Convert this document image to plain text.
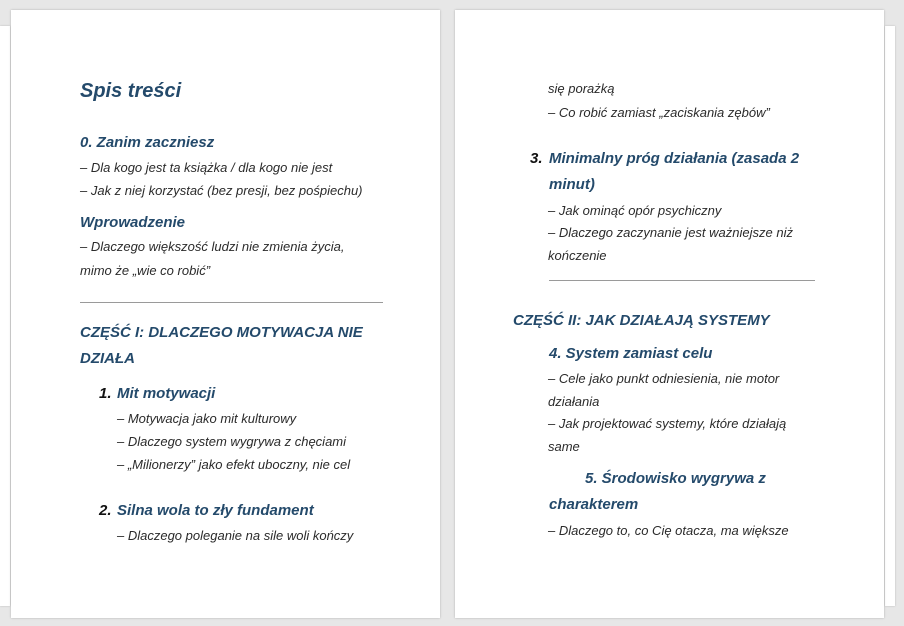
Spis treści
0. Zanim zaczniesz
– Dla kogo jest ta książka / dla kogo nie jest
– Jak z niej korzystać (bez presji, bez pośpiechu)
Wprowadzenie
– Dlaczego większość ludzi nie zmienia życia,
mimo że „wie co robić”
CZĘŚĆ I: DLACZEGO MOTYWACJA NIE
DZIAŁA
1. Mit motywacji
– Motywacja jako mit kulturowy
– Dlaczego system wygrywa z chęciami
– „Milionerzy” jako efekt uboczny, nie cel
2. Silna wola to zły fundament
– Dlaczego poleganie na sile woli kończy
się porażką
– Co robić zamiast „zaciskania zębów”
3. Minimalny próg działania (zasada 2
minut)
– Jak ominąć opór psychiczny
– Dlaczego zaczynanie jest ważniejsze niż
kończenie
CZĘŚĆ II: JAK DZIAŁAJĄ SYSTEMY
4. System zamiast celu
– Cele jako punkt odniesienia, nie motor
działania
– Jak projektować systemy, które działają
same
5. Środowisko wygrywa z
charakterem
– Dlaczego to, co Cię otacza, ma większe
